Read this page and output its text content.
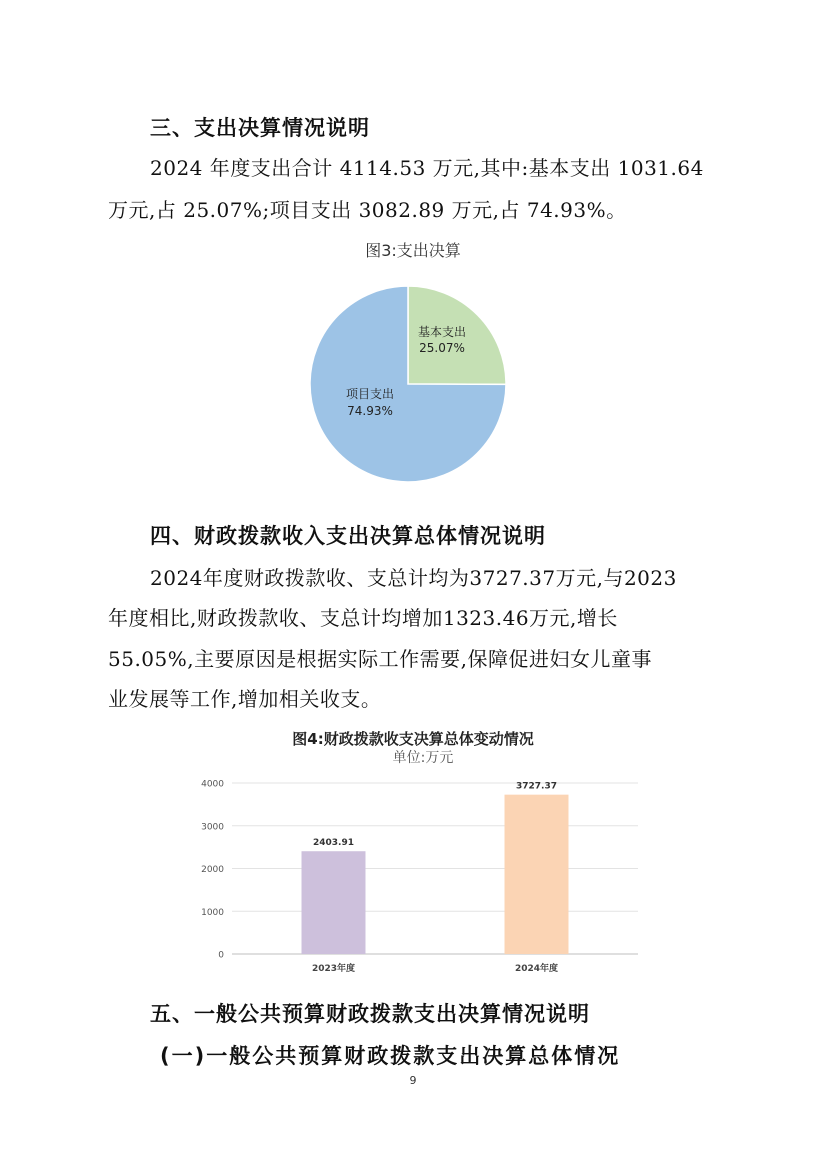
三、支出决算情况说明
2024 年度支出合计 4114.53 万元,其中:基本支出 1031.64
万元,占 25.07%;项目支出 3082.89 万元,占 74.93%。
图3:支出决算
基本支出
25.07%
项目支出
74.93%
四、财政拨款收入支出决算总体情况说明
2024年度财政拨款收、支总计均为3727.37万元,与2023
年度相比,财政拨款收、支总计均增加1323.46万元,增长
55.05%,主要原因是根据实际工作需要,保障促进妇女儿童事
业发展等工作,增加相关收支。
图4:财政拨款收支决算总体变动情况
单位:万元
0
1000
2000
3000
4000
2403.91
2023年度
3727.37
2024年度
五、一般公共预算财政拨款支出决算情况说明
(一)一般公共预算财政拨款支出决算总体情况
9
